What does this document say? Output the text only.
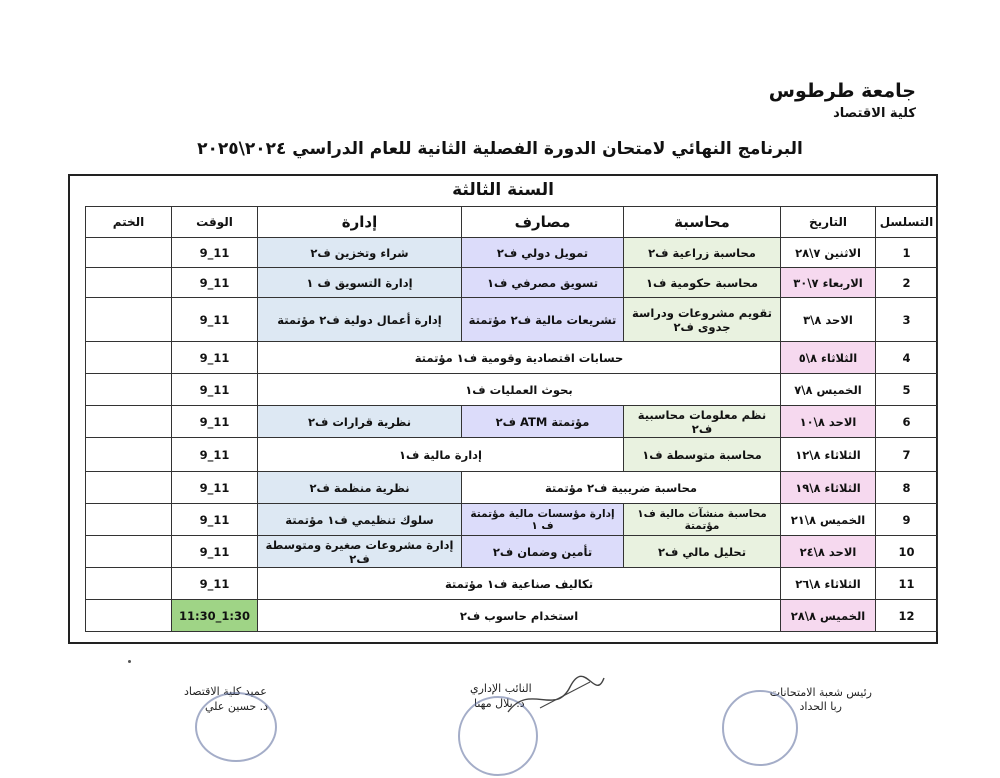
جامعة طرطوس
كلية الاقتصاد
البرنامج النهائي لامتحان الدورة الفصلية الثانية للعام الدراسي ٢٠٢٤\٢٠٢٥
السنة الثالثة
التسلسل	التاريخ	محاسبة	مصارف	إدارة	الوقت	الختم
1	الاثنين ٧\٢٨	محاسبة زراعية ف٢	تمويل دولي ف٢	شراء وتخزين ف٢	9_11	
2	الاربعاء ٧\٣٠	محاسبة حكومية ف١	تسويق مصرفي ف١	إدارة التسويق ف ١	9_11	
3	الاحد ٨\٣	تقويم مشروعات ودراسة جدوى ف٢	تشريعات مالية ف٢ مؤتمتة	إدارة أعمال دولية ف٢ مؤتمتة	9_11	
4	الثلاثاء ٨\٥	حسابات اقتصادية وقومية ف١ مؤتمتة			9_11	
5	الخميس ٨\٧	بحوث العمليات ف١			9_11	
6	الاحد ٨\١٠	نظم معلومات محاسبية ف٢	مؤتمتة ATM ف٢	نظرية قرارات ف٢	9_11	
7	الثلاثاء ٨\١٢	محاسبة متوسطة ف١	إدارة مالية ف١		9_11	
8	الثلاثاء ٨\١٩	محاسبة ضريبية ف٢ مؤتمتة		نظرية منظمة ف٢	9_11	
9	الخميس ٨\٢١	محاسبة منشآت مالية ف١ مؤتمتة	إدارة مؤسسات مالية مؤتمتة ف ١	سلوك تنظيمي ف١ مؤتمتة	9_11	
10	الاحد ٨\٢٤	تحليل مالي ف٢	تأمين وضمان ف٢	إدارة مشروعات صغيرة ومتوسطة ف٢	9_11	
11	الثلاثاء ٨\٢٦	تكاليف صناعية ف١ مؤتمتة			9_11	
12	الخميس ٨\٢٨	استخدام حاسوب ف٢			11:30_1:30	
رئيس شعبة الامتحانات
ربا الحداد
النائب الإداري
د. بلال مهنا
عميد كلية الاقتصاد
د. حسين علي
